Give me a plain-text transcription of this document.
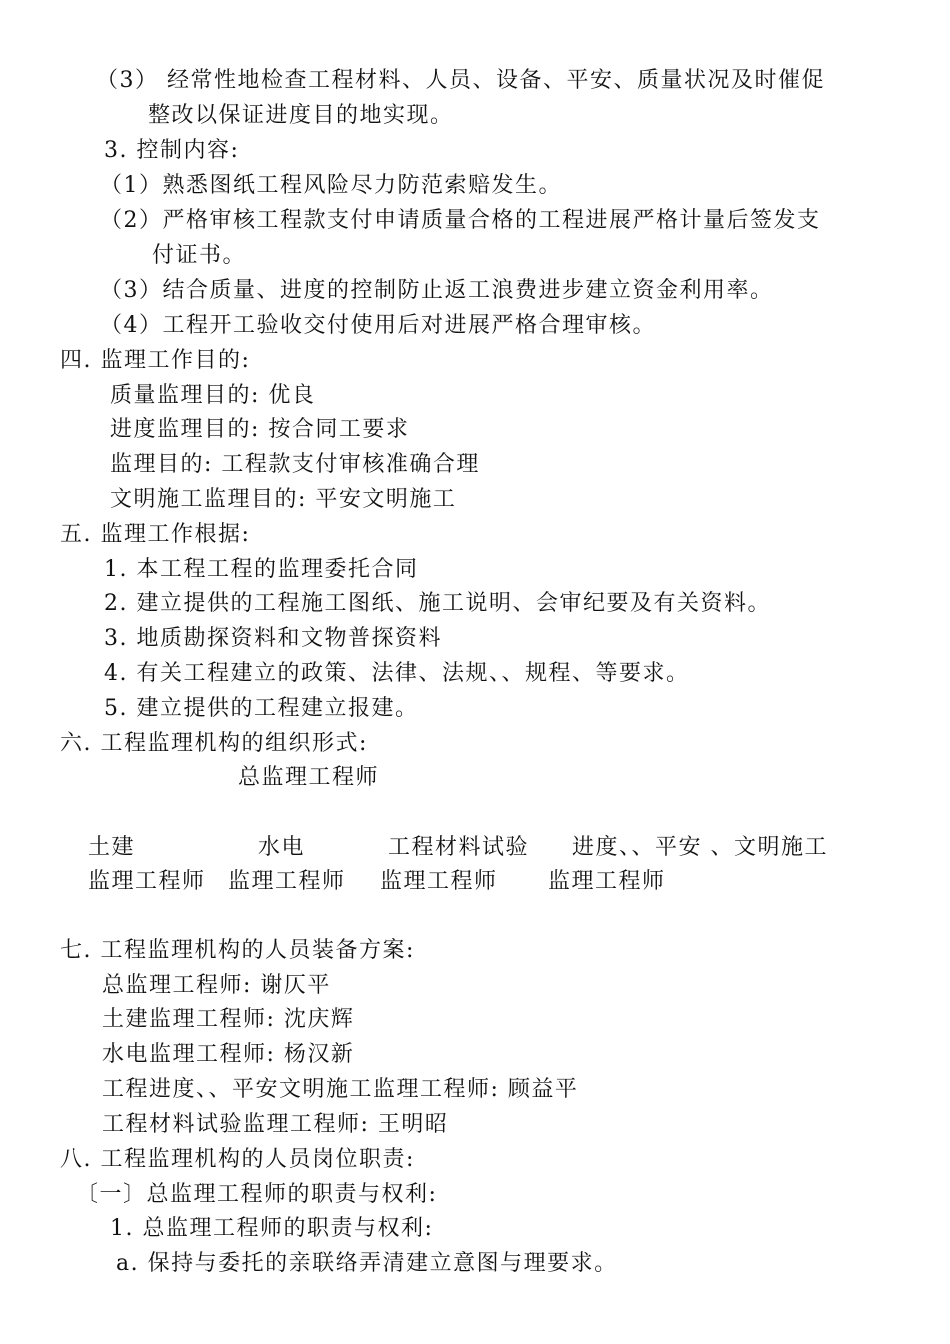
（3） 经常性地检查工程材料、人员、设备、平安、质量状况及时催促
整改以保证进度目的地实现。
3. 控制内容:
（1）熟悉图纸工程风险尽力防范索赔发生。
（2）严格审核工程款支付申请质量合格的工程进展严格计量后签发支
付证书。
（3）结合质量、进度的控制防止返工浪费进步建立资金利用率。
（4）工程开工验收交付使用后对进展严格合理审核。
四. 监理工作目的:
质量监理目的: 优良
进度监理目的: 按合同工要求
监理目的: 工程款支付审核准确合理
文明施工监理目的: 平安文明施工
五. 监理工作根据:
1. 本工程工程的监理委托合同
2. 建立提供的工程施工图纸、施工说明、会审纪要及有关资料。
3. 地质勘探资料和文物普探资料
4. 有关工程建立的政策、法律、法规、、规程、等要求。
5. 建立提供的工程建立报建。
六. 工程监理机构的组织形式:
总监理工程师
土建	水电	工程材料试验 进度、、平安 、文明施工
监理工程师 监理工程师 监理工程师 监理工程师
七. 工程监理机构的人员装备方案:
总监理工程师: 谢仄平
土建监理工程师: 沈庆辉
水电监理工程师: 杨汉新
工程进度、、平安文明施工监理工程师: 顾益平
工程材料试验监理工程师: 王明昭
八. 工程监理机构的人员岗位职责:
〔一〕总监理工程师的职责与权利:
1. 总监理工程师的职责与权利:
a. 保持与委托的亲联络弄清建立意图与理要求。
